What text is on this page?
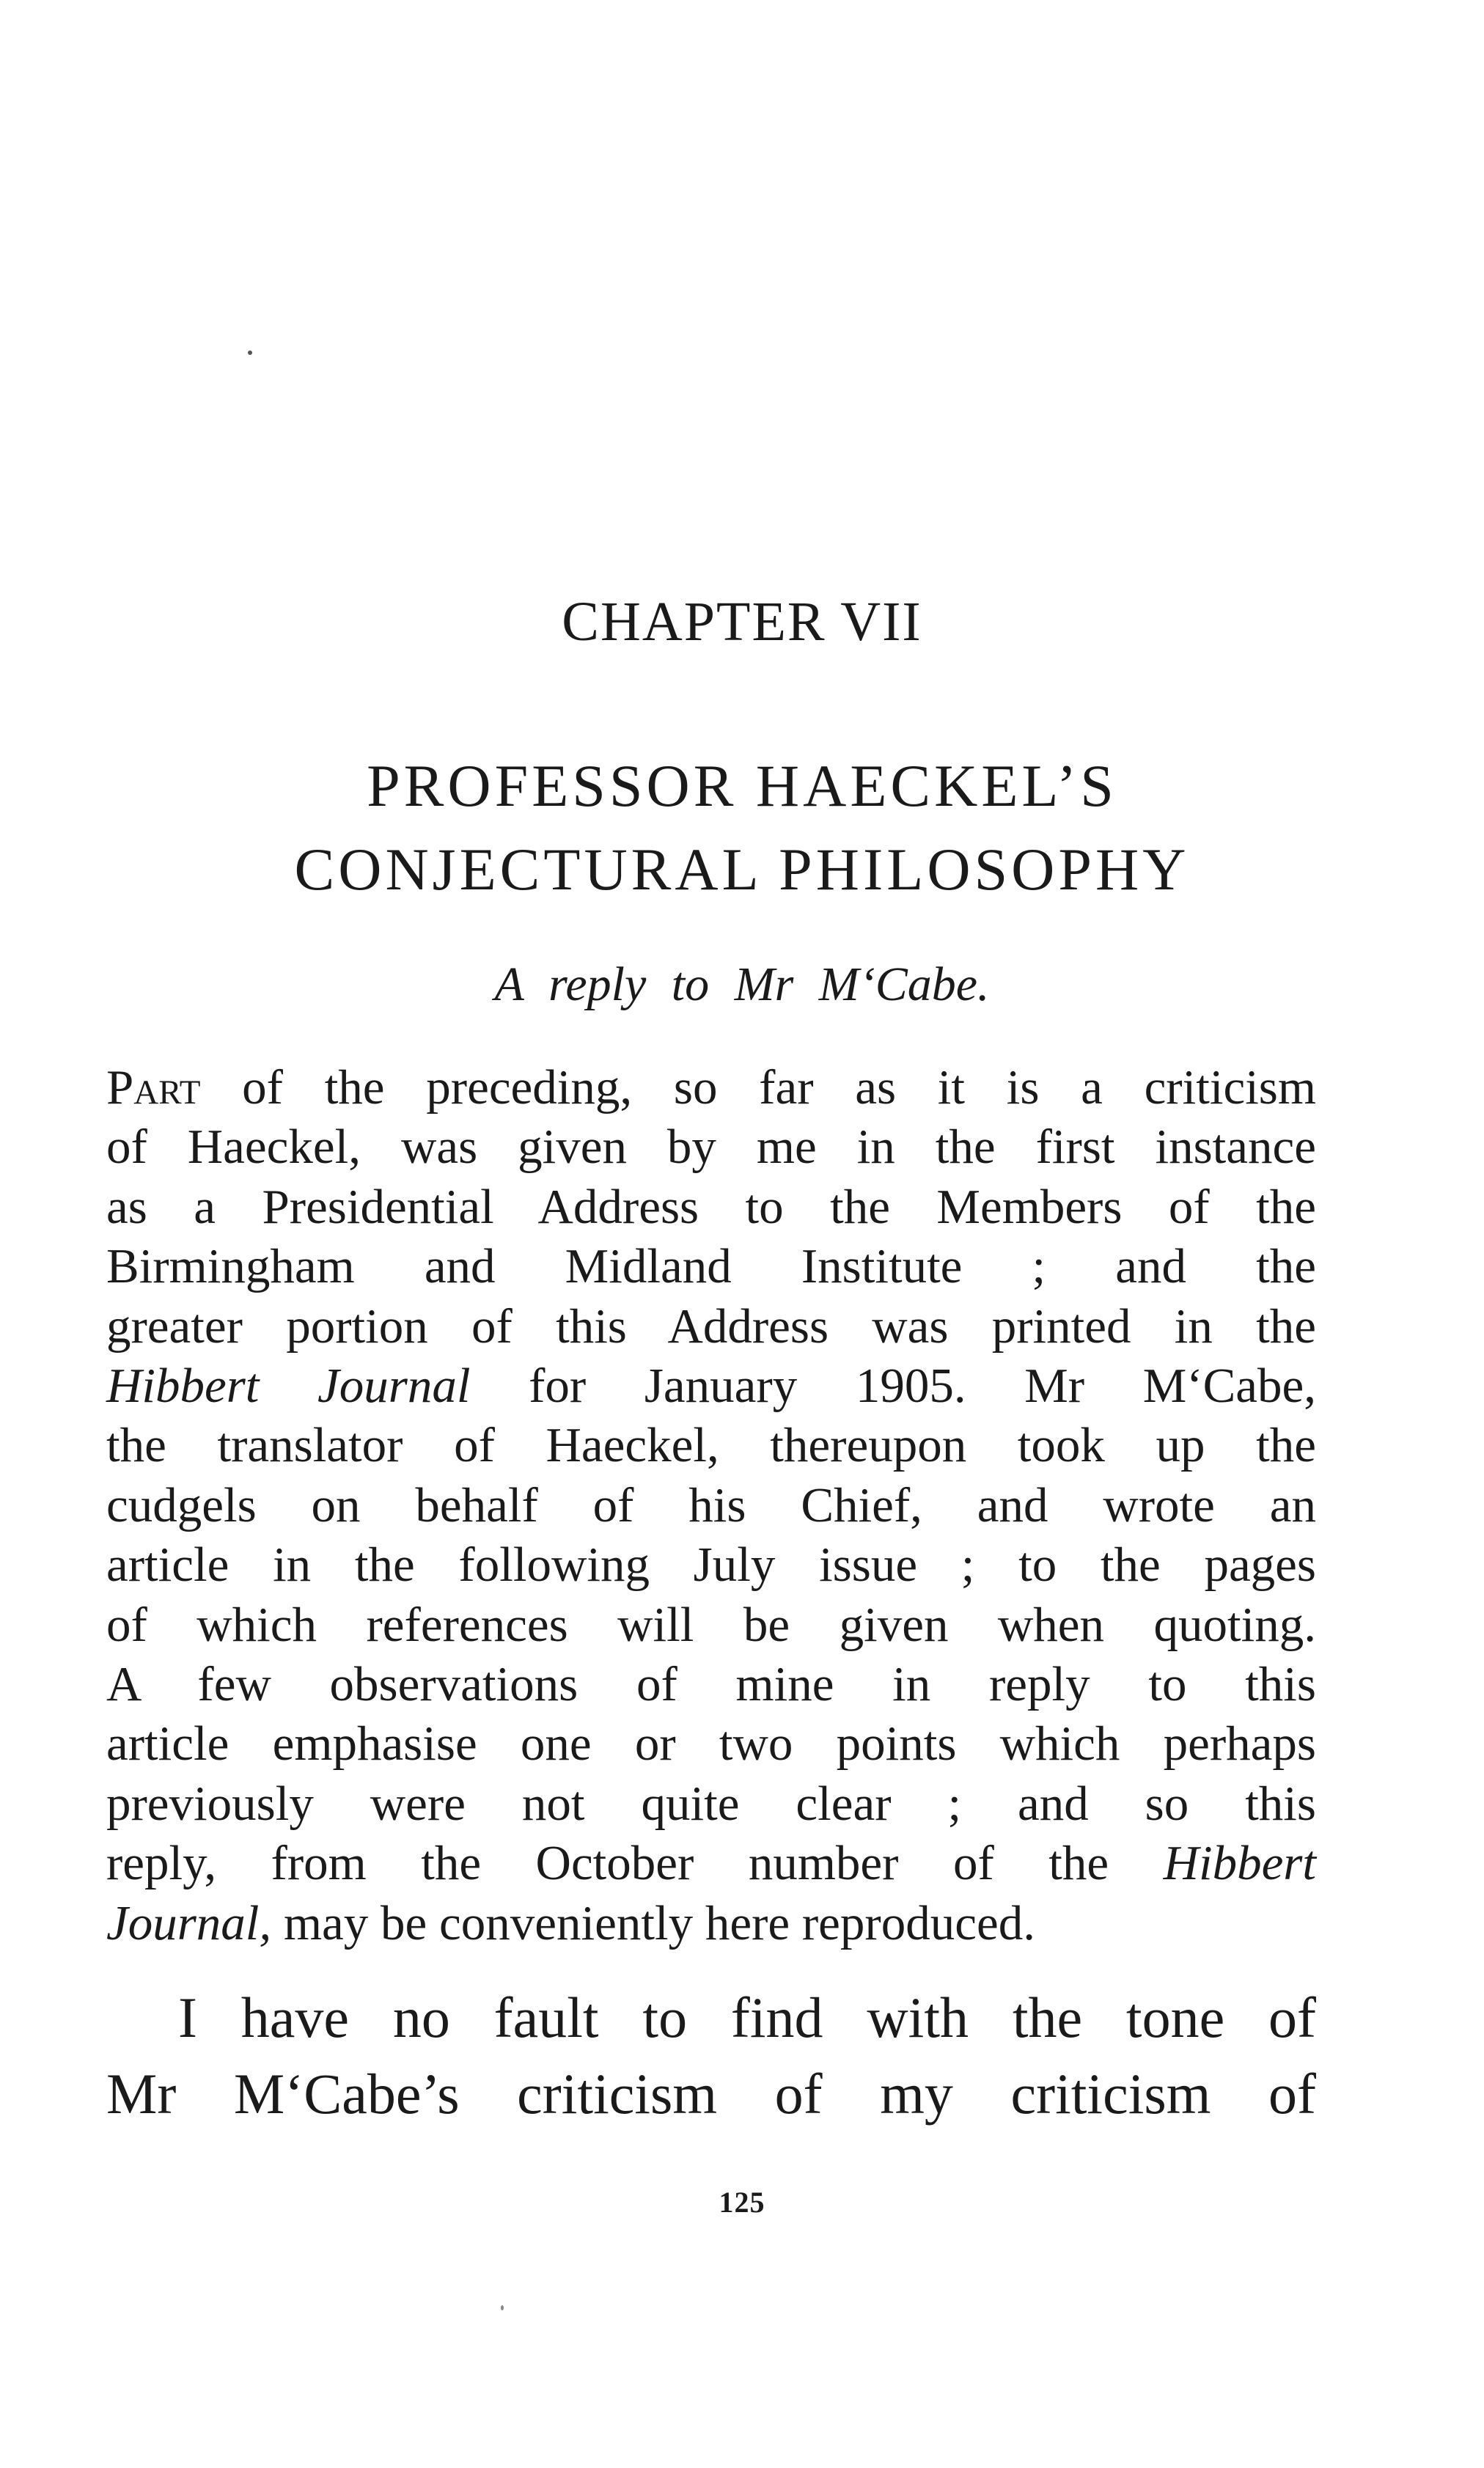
CHAPTER VII
PROFESSOR HAECKEL’S
CONJECTURAL PHILOSOPHY
A reply to Mr M‘Cabe.
Part of the preceding, so far as it is a criticism
of Haeckel, was given by me in the first instance
as a Presidential Address to the Members of the
Birmingham and Midland Institute ; and the
greater portion of this Address was printed in the
Hibbert Journal for January 1905. Mr M‘Cabe,
the translator of Haeckel, thereupon took up the
cudgels on behalf of his Chief, and wrote an
article in the following July issue ; to the pages
of which references will be given when quoting.
A few observations of mine in reply to this
article emphasise one or two points which perhaps
previously were not quite clear ; and so this
reply, from the October number of the Hibbert
Journal, may be conveniently here reproduced.
I have no fault to find with the tone of
Mr M‘Cabe’s criticism of my criticism of
125
